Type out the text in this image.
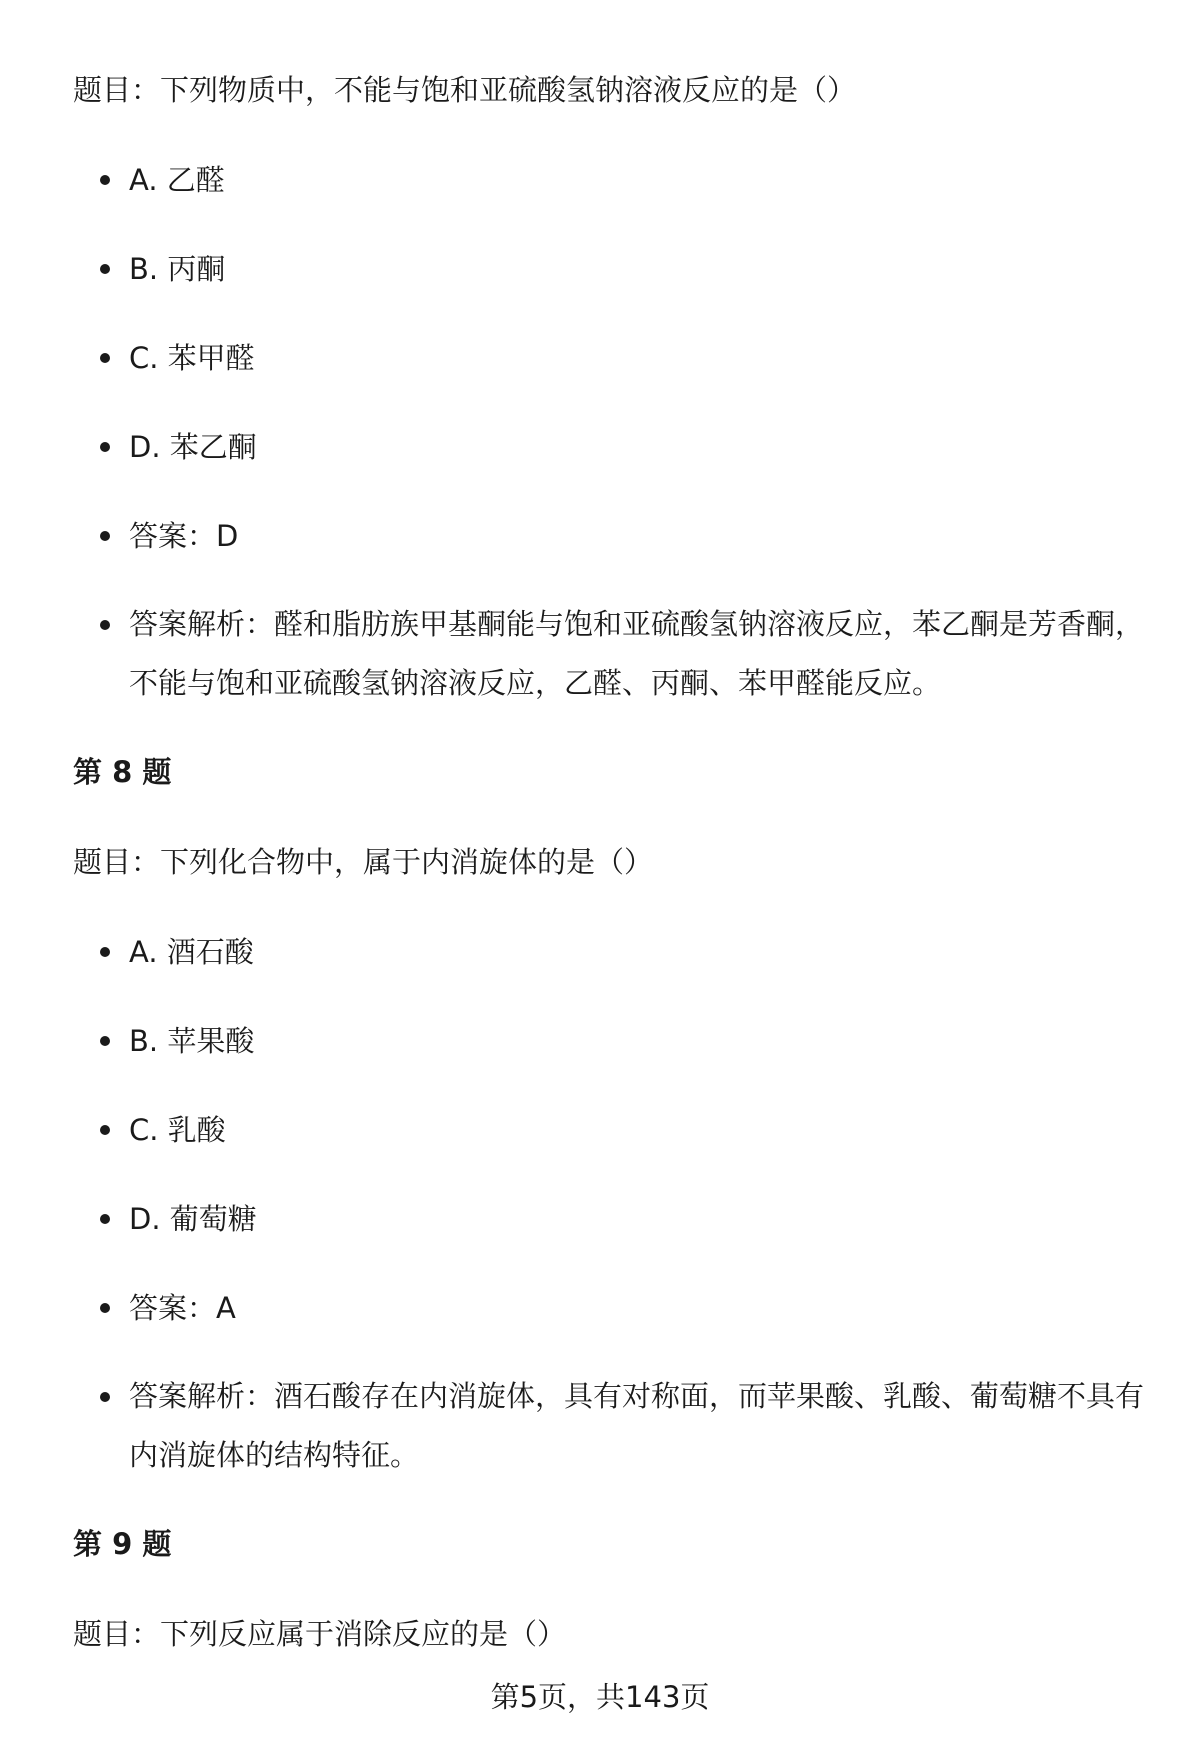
题目：下列物质中，不能与饱和亚硫酸氢钠溶液反应的是（）

A. 乙醛
B. 丙酮
C. 苯甲醛
D. 苯乙酮
答案：D
答案解析：醛和脂肪族甲基酮能与饱和亚硫酸氢钠溶液反应，苯乙酮是芳香酮，不能与饱和亚硫酸氢钠溶液反应，乙醛、丙酮、苯甲醛能反应。

第 8 题

题目：下列化合物中，属于内消旋体的是（）

A. 酒石酸
B. 苹果酸
C. 乳酸
D. 葡萄糖
答案：A
答案解析：酒石酸存在内消旋体，具有对称面，而苹果酸、乳酸、葡萄糖不具有内消旋体的结构特征。

第 9 题

题目：下列反应属于消除反应的是（）

第5页，共143页
